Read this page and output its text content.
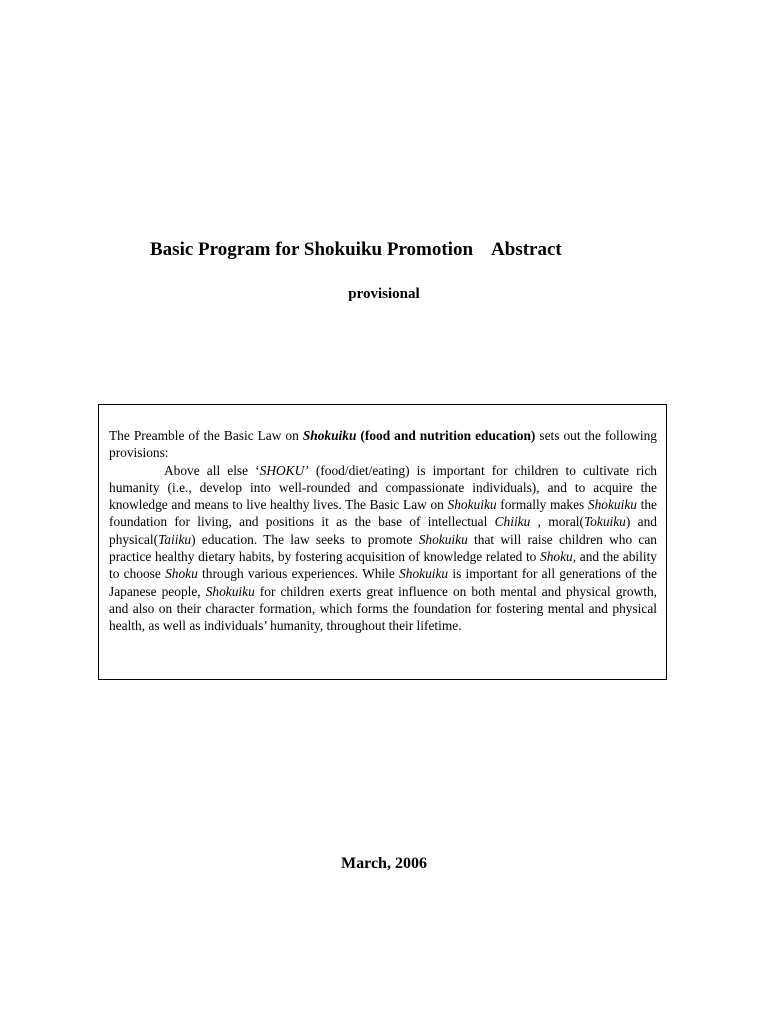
Basic Program for Shokuiku Promotion Abstract
provisional

The Preamble of the Basic Law on Shokuiku (food and nutrition education) sets out the following provisions:

Above all else ‘SHOKU’ (food/diet/eating) is important for children to cultivate rich humanity (i.e., develop into well-rounded and compassionate individuals), and to acquire the knowledge and means to live healthy lives. The Basic Law on Shokuiku formally makes Shokuiku the foundation for living, and positions it as the base of intellectual Chiiku , moral(Tokuiku) and physical(Taiiku) education. The law seeks to promote Shokuiku that will raise children who can practice healthy dietary habits, by fostering acquisition of knowledge related to Shoku, and the ability to choose Shoku through various experiences. While Shokuiku is important for all generations of the Japanese people, Shokuiku for children exerts great influence on both mental and physical growth, and also on their character formation, which forms the foundation for fostering mental and physical health, as well as individuals’ humanity, throughout their lifetime.

March, 2006
